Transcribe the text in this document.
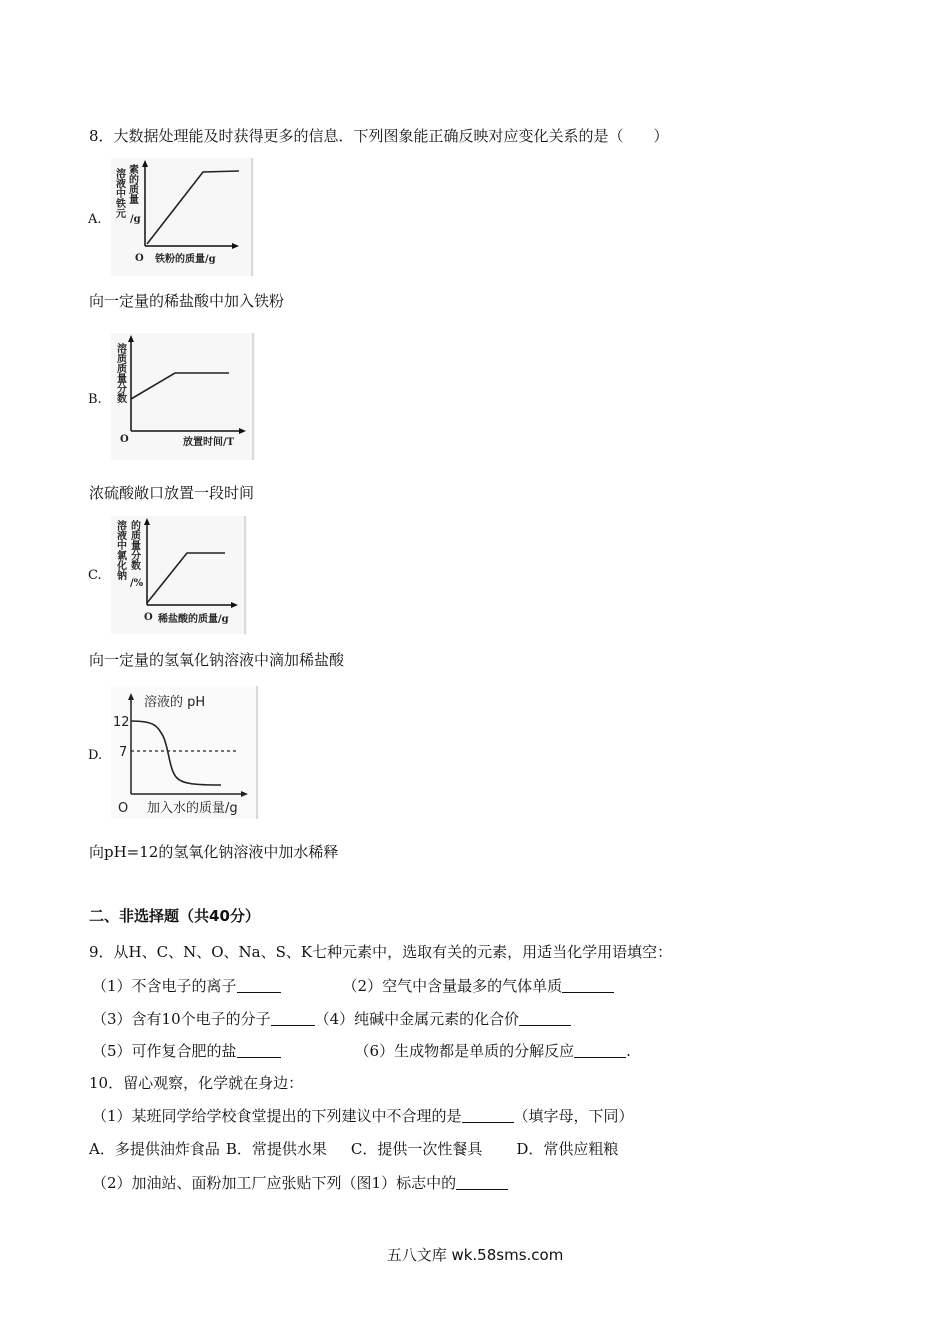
8．大数据处理能及时获得更多的信息．下列图象能正确反映对应变化关系的是（　　）
A.
溶液中铁元 素的质量
/g
O 铁粉的质量/g
向一定量的稀盐酸中加入铁粉
B. 溶质质量分数
O	放置时间/T
浓硫酸敞口放置一段时间
C. 溶液中氯化钠 的质量分数
/%
O 稀盐酸的质量/g
向一定量的氢氧化钠溶液中滴加稀盐酸
D.
溶液的 pH
12
7
O 加入水的质量/g
向pH=12的氢氧化钠溶液中加水稀释
二、非选择题（共40分）
9．从H、C、N、O、Na、S、K七种元素中，选取有关的元素，用适当化学用语填空：
（1）不含电子的离子	（2）空气中含量最多的气体单质
（3）含有10个电子的分子	（4）纯碱中金属元素的化合价
（5）可作复合肥的盐	（6）生成物都是单质的分解反应	.
10．留心观察，化学就在身边：
（1）某班同学给学校食堂提出的下列建议中不合理的是	（填字母，下同）
A．多提供油炸食品 B．常提供水果 C．提供一次性餐具 D．常供应粗粮
（2）加油站、面粉加工厂应张贴下列（图1）标志中的
五八文库 wk.58sms.com
